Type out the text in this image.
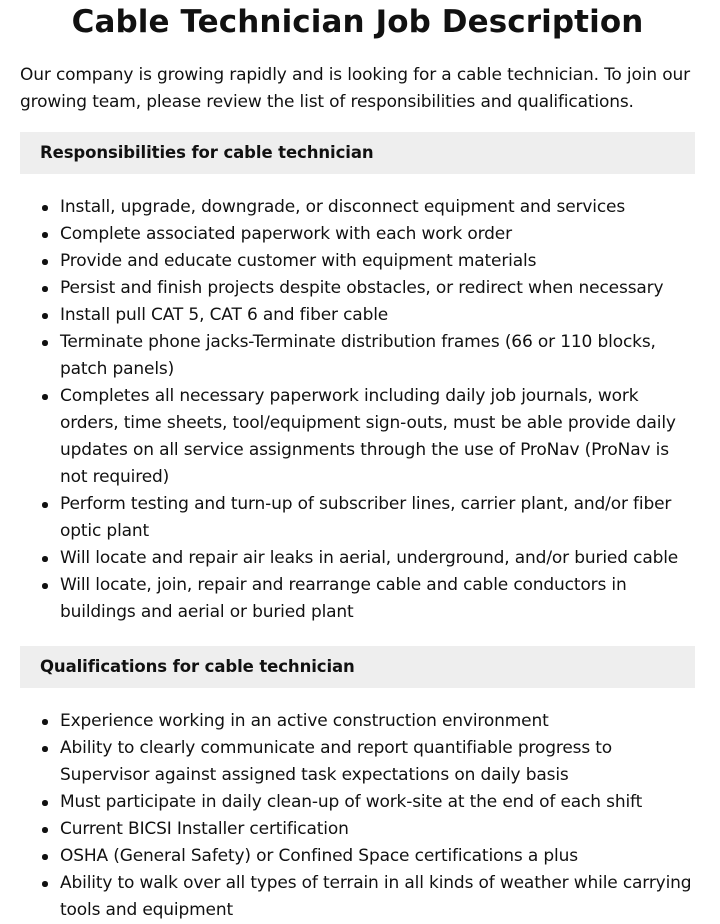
Cable Technician Job Description

Our company is growing rapidly and is looking for a cable technician. To join our growing team, please review the list of responsibilities and qualifications.

Responsibilities for cable technician
Install, upgrade, downgrade, or disconnect equipment and services
Complete associated paperwork with each work order
Provide and educate customer with equipment materials
Persist and finish projects despite obstacles, or redirect when necessary
Install pull CAT 5, CAT 6 and fiber cable
Terminate phone jacks-Terminate distribution frames (66 or 110 blocks, patch panels)
Completes all necessary paperwork including daily job journals, work orders, time sheets, tool/equipment sign-outs, must be able provide daily updates on all service assignments through the use of ProNav (ProNav is not required)
Perform testing and turn-up of subscriber lines, carrier plant, and/or fiber optic plant
Will locate and repair air leaks in aerial, underground, and/or buried cable
Will locate, join, repair and rearrange cable and cable conductors in buildings and aerial or buried plant
Qualifications for cable technician
Experience working in an active construction environment
Ability to clearly communicate and report quantifiable progress to Supervisor against assigned task expectations on daily basis
Must participate in daily clean-up of work-site at the end of each shift
Current BICSI Installer certification
OSHA (General Safety) or Confined Space certifications a plus
Ability to walk over all types of terrain in all kinds of weather while carrying tools and equipment
